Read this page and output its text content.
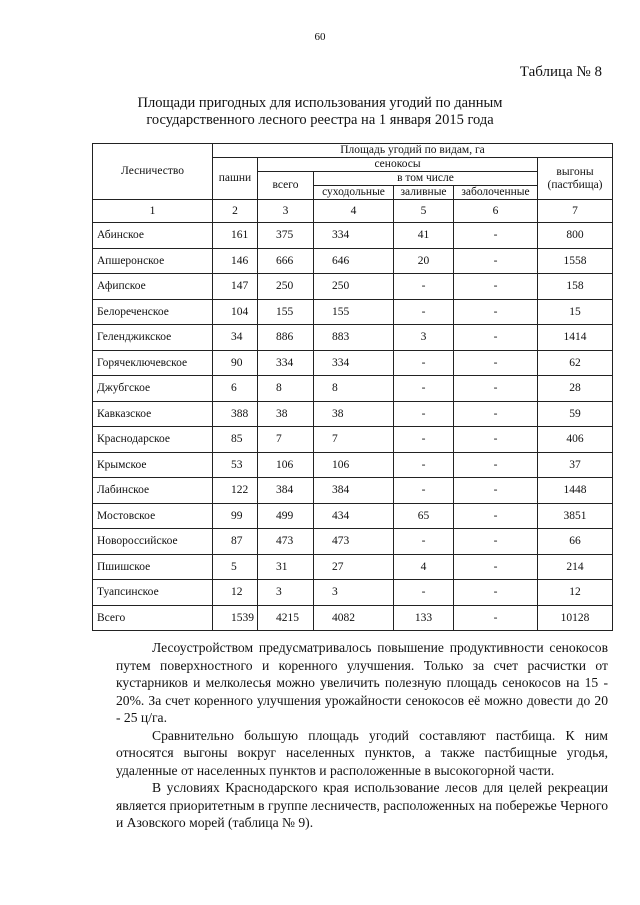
60
Таблица № 8
Площади пригодных для использования угодий по данным
государственного лесного реестра на 1 января 2015 года
Лесничество	Площадь угодий по видам, га					
	пашни	сенокосы				выгоны (пастбища)
		всего	в том числе			
			суходольные	заливные	заболоченные	
1	2	3	4	5	6	7
Абинское	161	375	334	41	-	800
Апшеронское	146	666	646	20	-	1558
Афипское	147	250	250	-	-	158
Белореченское	104	155	155	-	-	15
Геленджикское	34	886	883	3	-	1414
Горячеключевское	90	334	334	-	-	62
Джубгское	6	8	8	-	-	28
Кавказское	388	38	38	-	-	59
Краснодарское	85	7	7	-	-	406
Крымское	53	106	106	-	-	37
Лабинское	122	384	384	-	-	1448
Мостовское	99	499	434	65	-	3851
Новороссийское	87	473	473	-	-	66
Пшишское	5	31	27	4	-	214
Туапсинское	12	3	3	-	-	12
Всего	1539	4215	4082	133	-	10128

Лесоустройством предусматривалось повышение продуктивности сенокосов путем поверхностного и коренного улучшения. Только за счет расчистки от кустарников и мелколесья можно увеличить полезную площадь сенокосов на 15 - 20%. За счет коренного улучшения урожайности сенокосов её можно довести до 20 - 25 ц/га.

Сравнительно большую площадь угодий составляют пастбища. К ним относятся выгоны вокруг населенных пунктов, а также пастбищные угодья, удаленные от населенных пунктов и расположенные в высокогорной части.

В условиях Краснодарского края использование лесов для целей рекреации является приоритетным в группе лесничеств, расположенных на побережье Черного и Азовского морей (таблица № 9).
